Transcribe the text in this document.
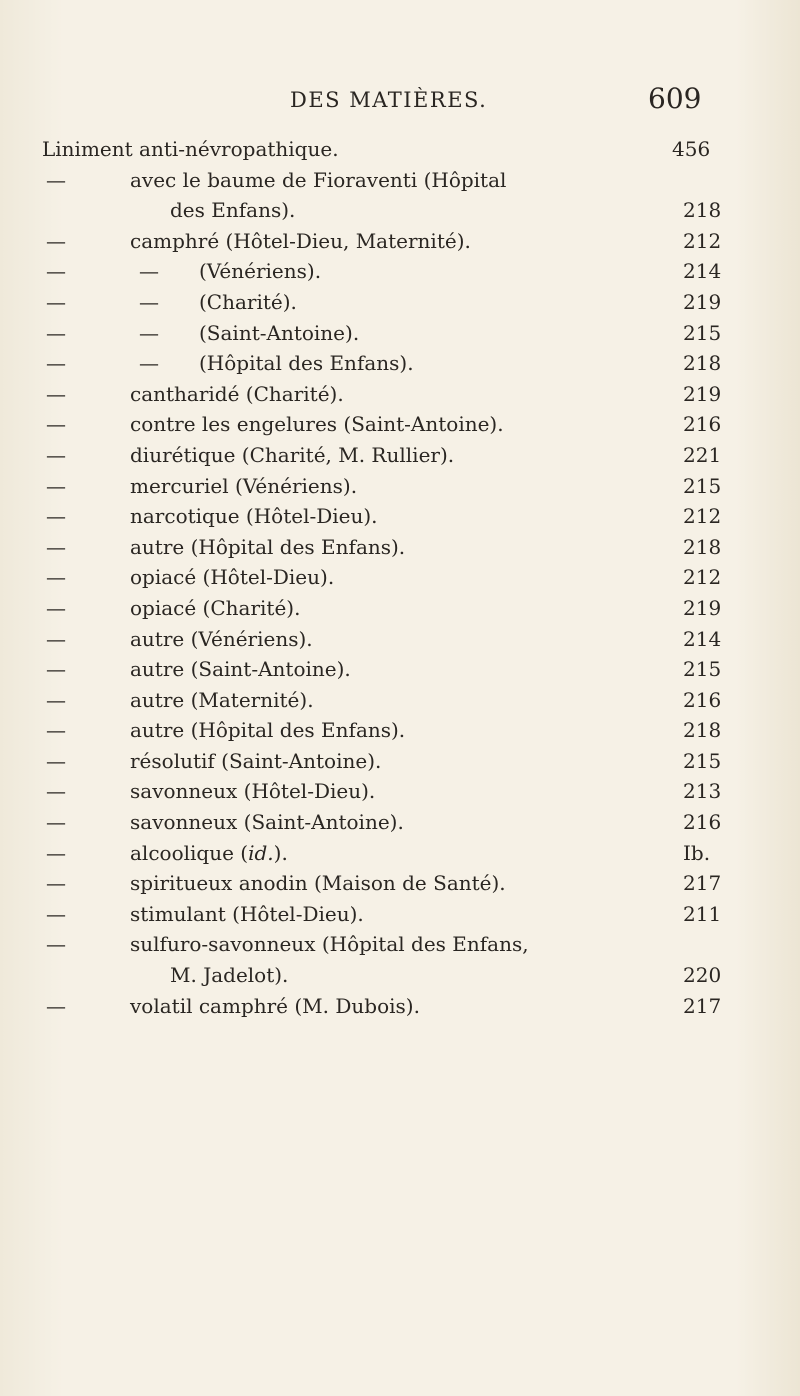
DES MATIÈRES.	609
Liniment anti-névropathique.	456
—	avec le baume de Fioraventi (Hôpital
des Enfans).	218
—	camphré (Hôtel-Dieu, Maternité).	212
—	— (Vénériens).	214
—	— (Charité).	219
—	— (Saint-Antoine).	215
—	— (Hôpital des Enfans).	218
—	cantharidé (Charité).	219
—	contre les engelures (Saint-Antoine).	216
—	diurétique (Charité, M. Rullier).	221
—	mercuriel (Vénériens).	215
—	narcotique (Hôtel-Dieu).	212
—	autre (Hôpital des Enfans).	218
—	opiacé (Hôtel-Dieu).	212
—	opiacé (Charité).	219
—	autre (Vénériens).	214
—	autre (Saint-Antoine).	215
—	autre (Maternité).	216
—	autre (Hôpital des Enfans).	218
—	résolutif (Saint-Antoine).	215
—	savonneux (Hôtel-Dieu).	213
—	savonneux (Saint-Antoine).	216
—	alcoolique (id.).	Ib.
—	spiritueux anodin (Maison de Santé).	217
—	stimulant (Hôtel-Dieu).	211
—	sulfuro-savonneux (Hôpital des Enfans,
M. Jadelot).	220
—	volatil camphré (M. Dubois).	217
